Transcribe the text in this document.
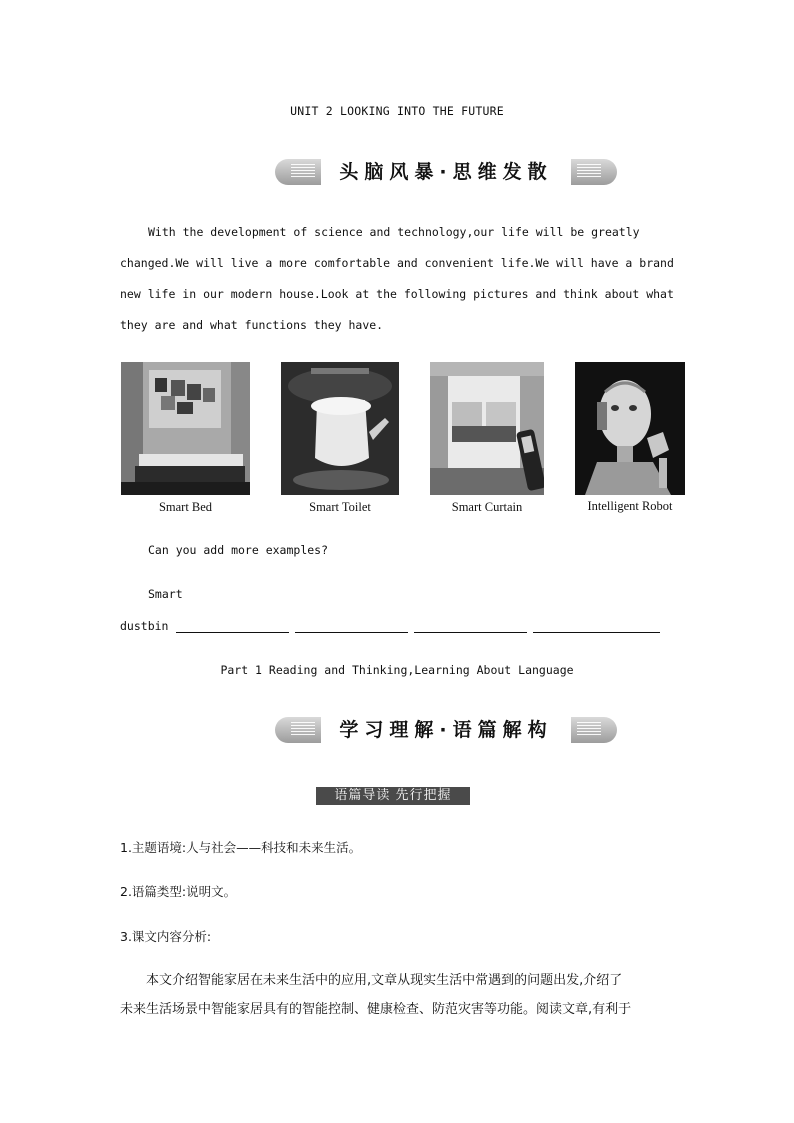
UNIT 2 LOOKING INTO THE FUTURE
头脑风暴·思维发散
With the development of science and technology,our life will be greatly
changed.We will live a more comfortable and convenient life.We will have a brand
new life in our modern house.Look at the following pictures and think about what
they are and what functions they have.
Smart Bed	Smart Toilet	Smart Curtain	Intelligent Robot
Can you add more examples?
Smart
dustbin
Part 1 Reading and Thinking,Learning About Language
学习理解·语篇解构
语篇导读 先行把握
1.主题语境:人与社会——科技和未来生活。
2.语篇类型:说明文。
3.课文内容分析:
本文介绍智能家居在未来生活中的应用,文章从现实生活中常遇到的问题出发,介绍了
未来生活场景中智能家居具有的智能控制、健康检查、防范灾害等功能。阅读文章,有利于
